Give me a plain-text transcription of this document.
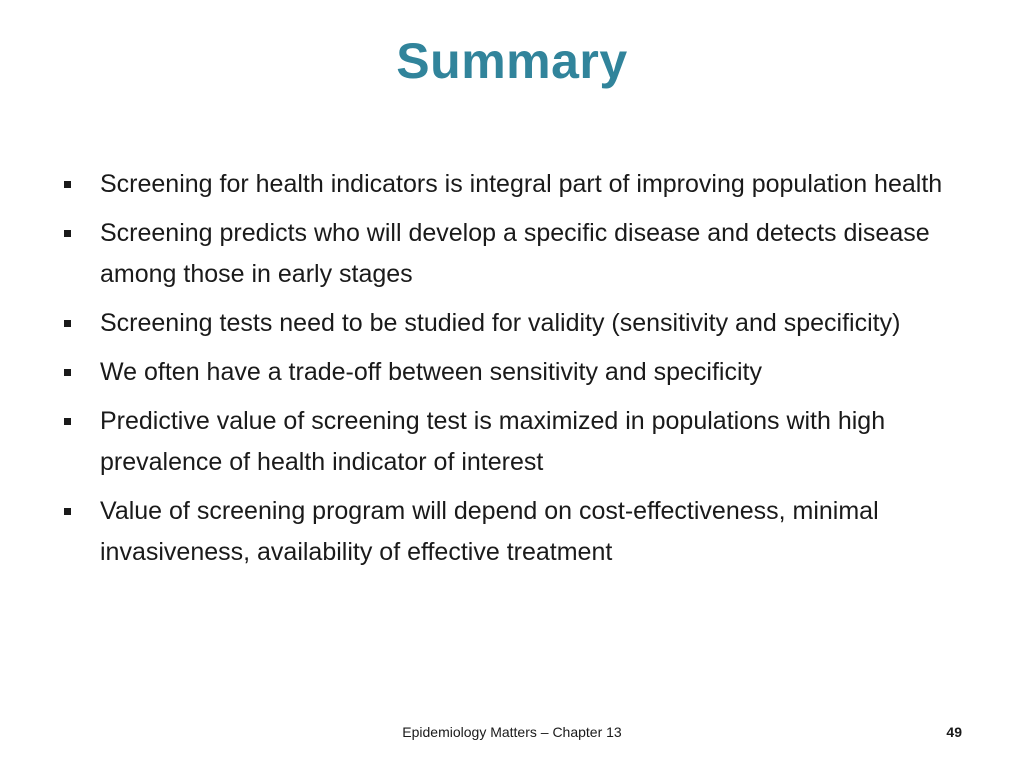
Summary
Screening for health indicators is integral part of improving population health
Screening predicts who will develop a specific disease and detects disease among those in early stages
Screening tests need to be studied for validity (sensitivity and specificity)
We often have a trade-off between sensitivity and specificity
Predictive value of screening test is maximized in populations with high prevalence of health indicator of interest
Value of screening program will depend on cost-effectiveness, minimal invasiveness, availability of effective treatment
Epidemiology Matters – Chapter 13	49
